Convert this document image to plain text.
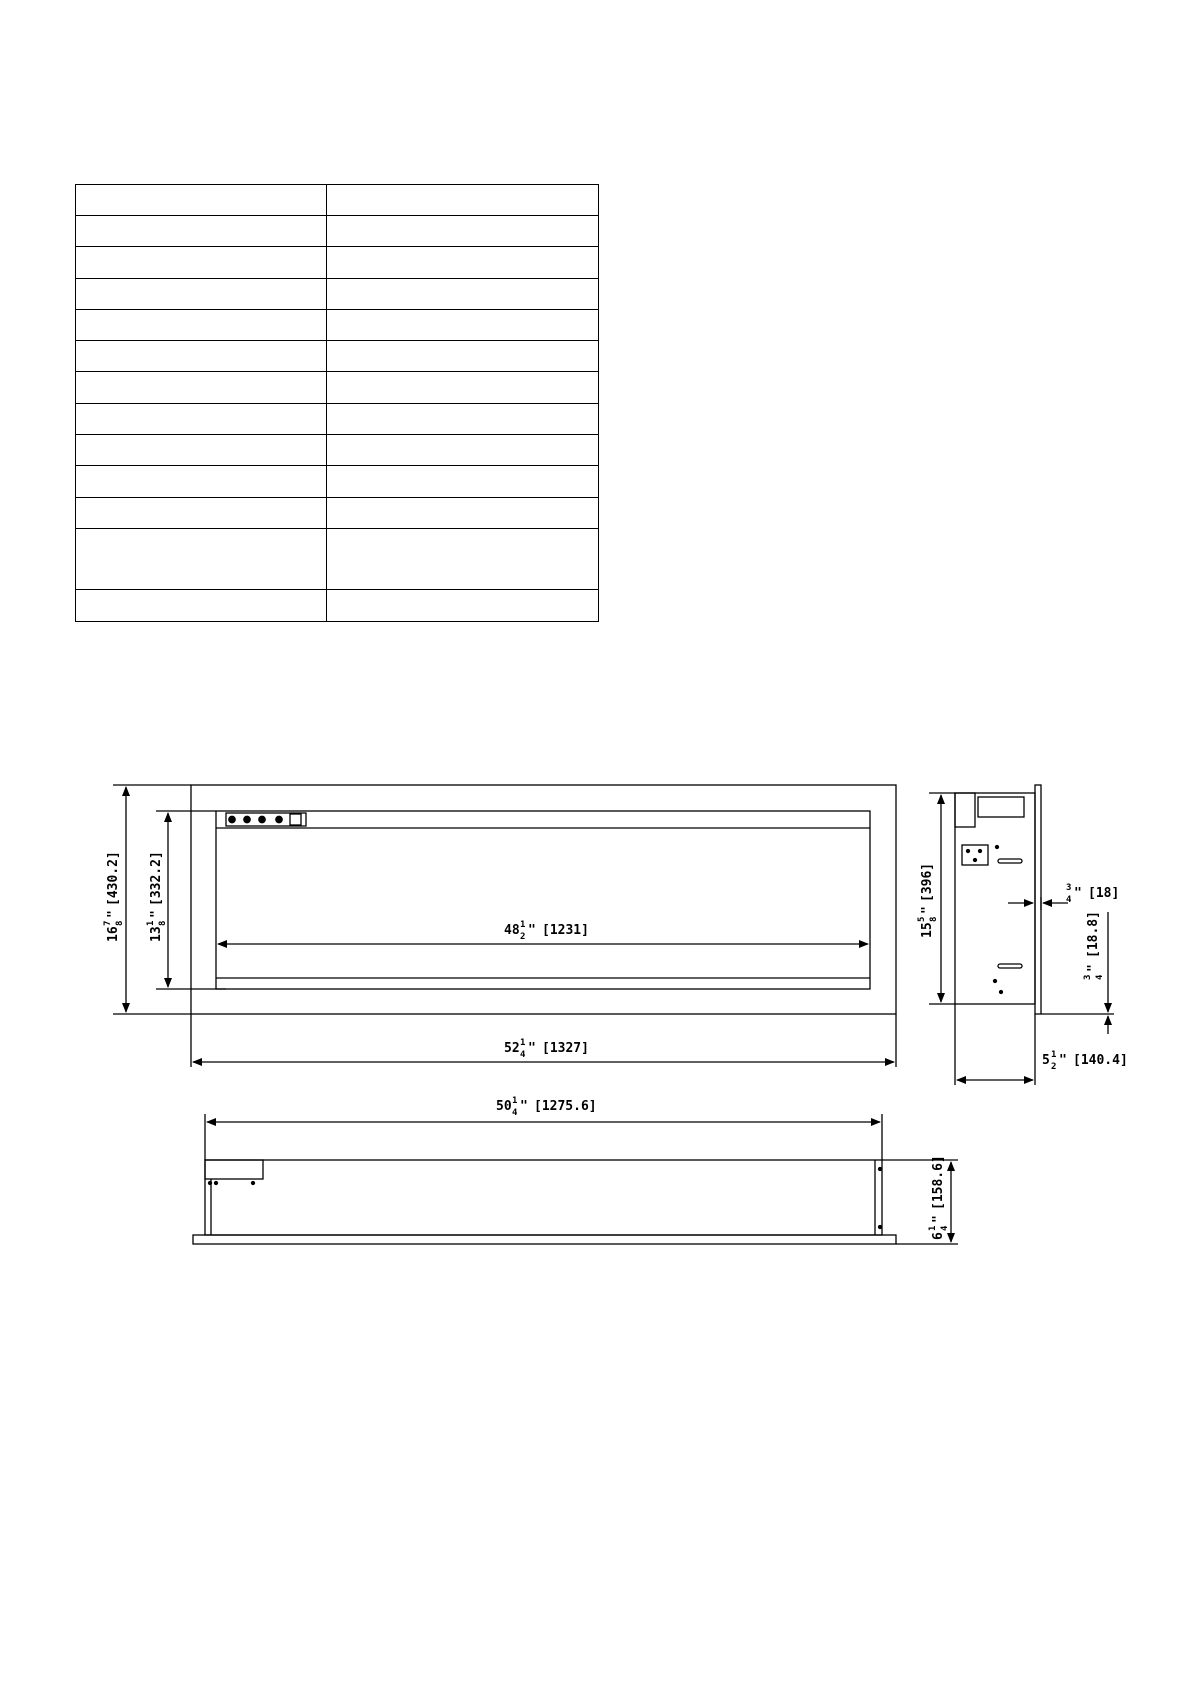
16
7 8
"
[430.2]
13
1 8
"
[332.2]
48 1
2 " [1231]
52 1
4 " [1327]
15
5 8
"
[396]	3
4 " [18]
3 4
"
[18.8]
5 1
2 " [140.4]
50 1
4 " [1275.6]
6
1 4
"
[158.6]
